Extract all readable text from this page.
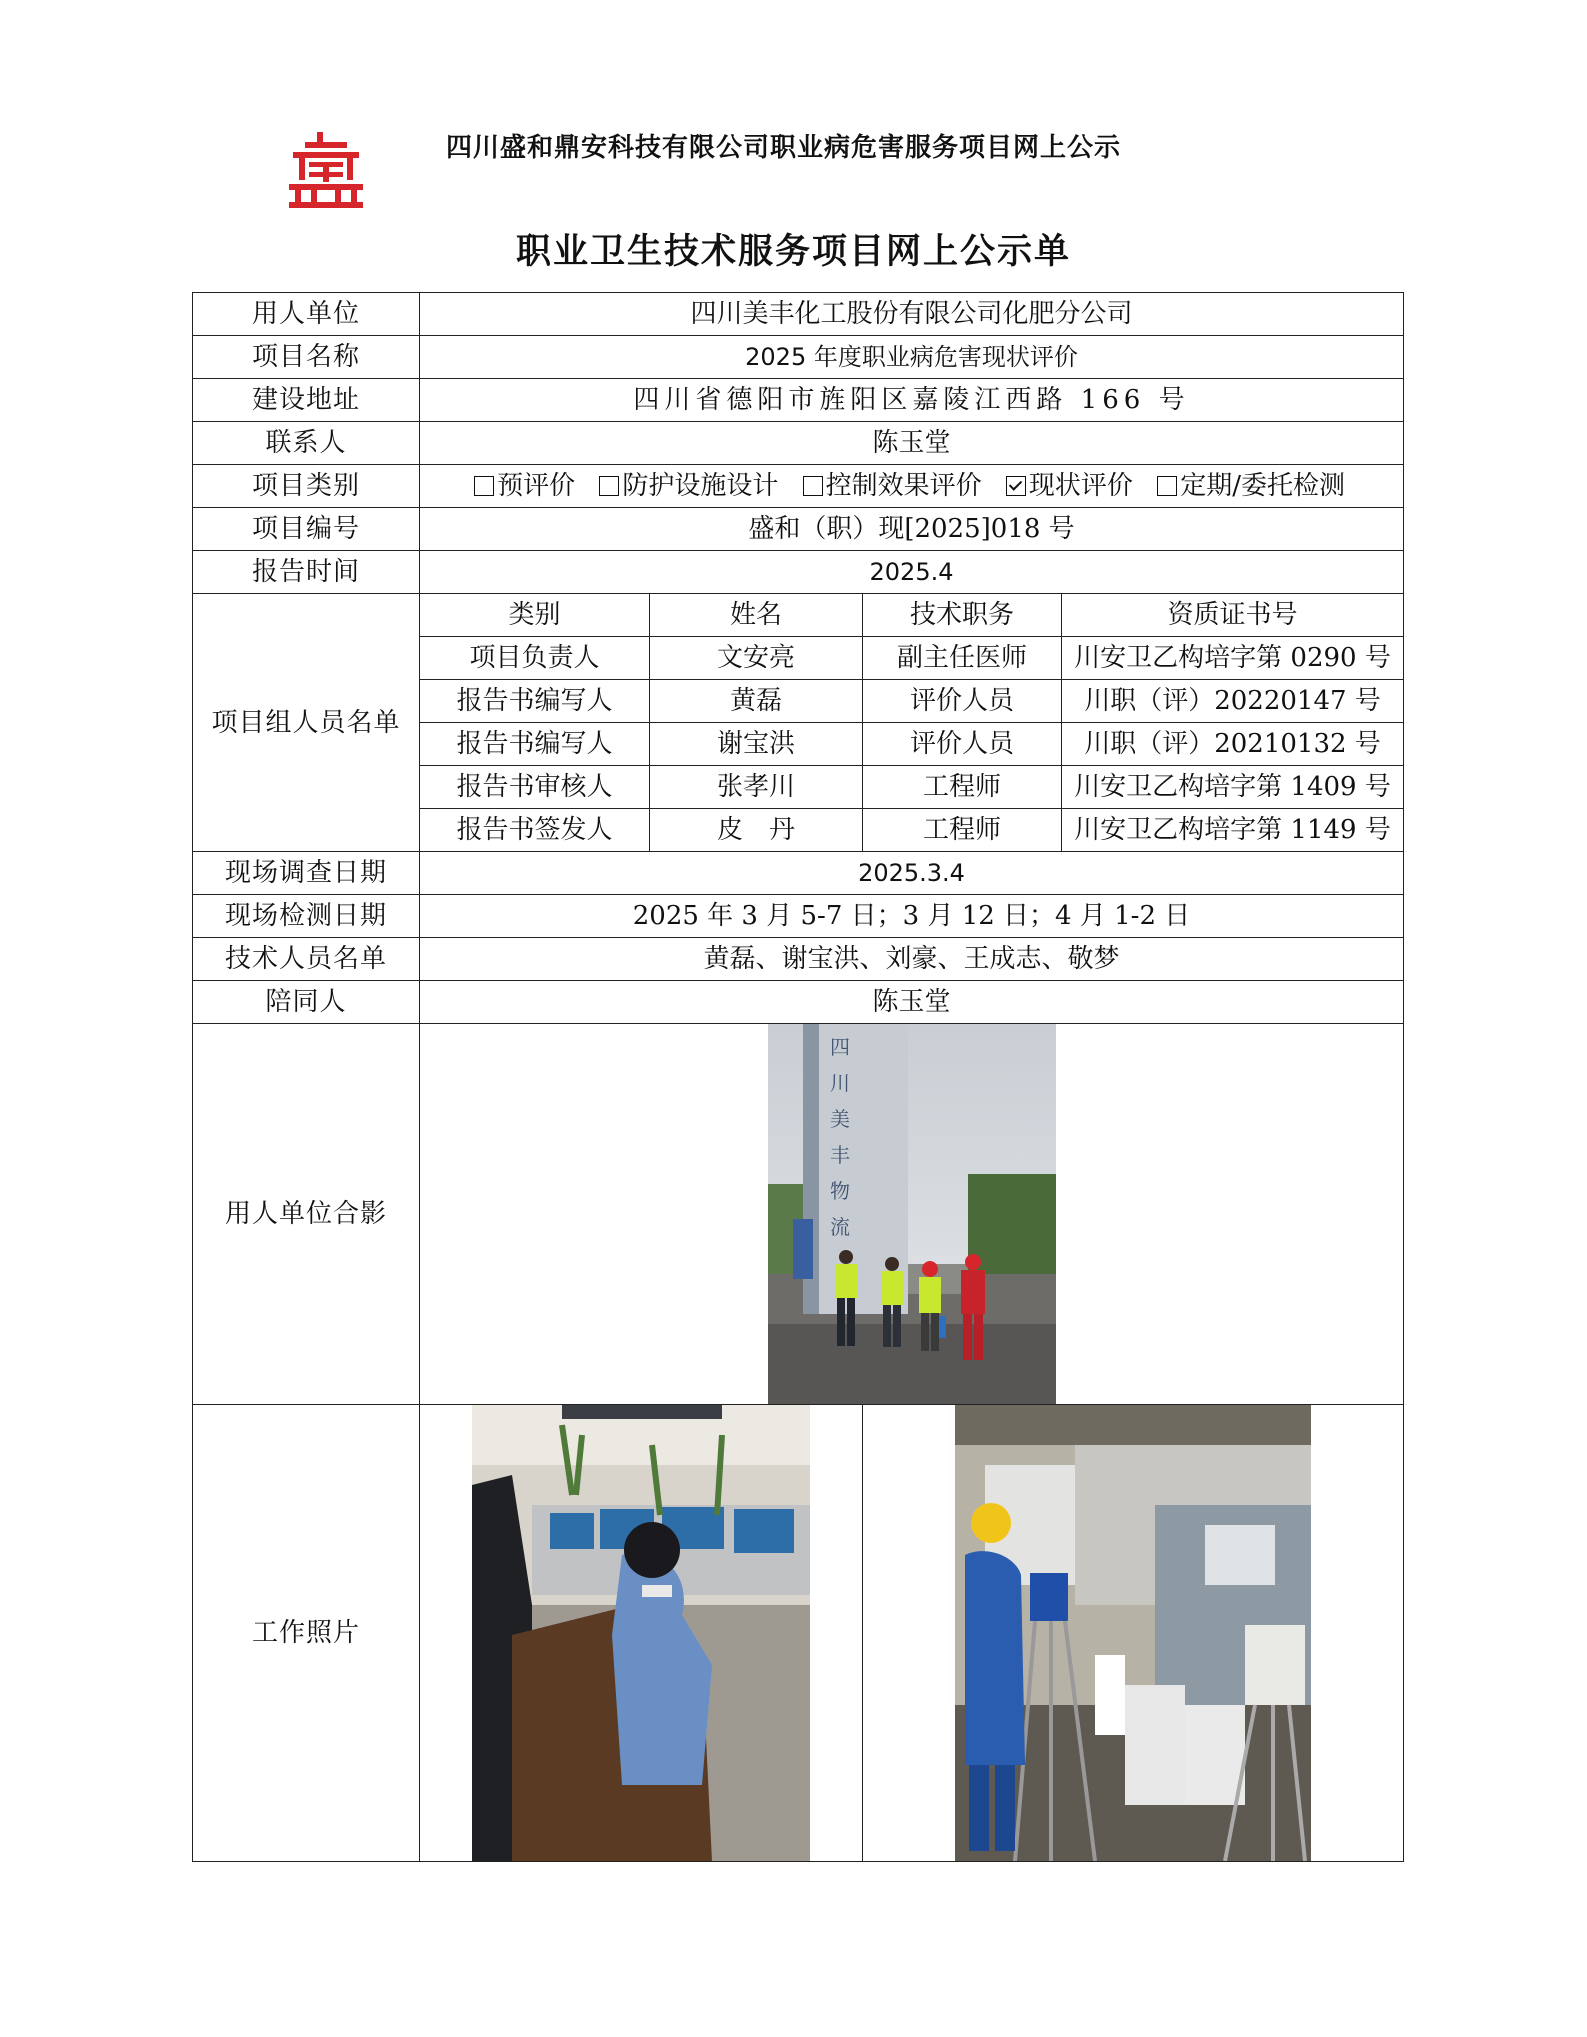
四川盛和鼎安科技有限公司职业病危害服务项目网上公示
职业卫生技术服务项目网上公示单
用人单位	四川美丰化工股份有限公司化肥分公司			
项目名称	2025 年度职业病危害现状评价			
建设地址	四川省德阳市旌阳区嘉陵江西路 166 号			
联系人	陈玉堂			
项目类别	预评价 防护设施设计 控制效果评价 现状评价 定期/委托检测			
项目编号	盛和（职）现[2025]018 号			
报告时间	2025.4			
项目组人员名单	类别	姓名	技术职务	资质证书号
	项目负责人	文安亮	副主任医师	川安卫乙构培字第 0290 号
	报告书编写人	黄磊	评价人员	川职（评）20220147 号
	报告书编写人	谢宝洪	评价人员	川职（评）20210132 号
	报告书审核人	张孝川	工程师	川安卫乙构培字第 1409 号
	报告书签发人	皮　丹	工程师	川安卫乙构培字第 1149 号
现场调查日期	2025.3.4			
现场检测日期	2025 年 3 月 5-7 日；3 月 12 日；4 月 1-2 日			
技术人员名单	黄磊、谢宝洪、刘豪、王成志、敬梦			
陪同人	陈玉堂			
用人单位合影	四川美丰物流			

工作照片	
